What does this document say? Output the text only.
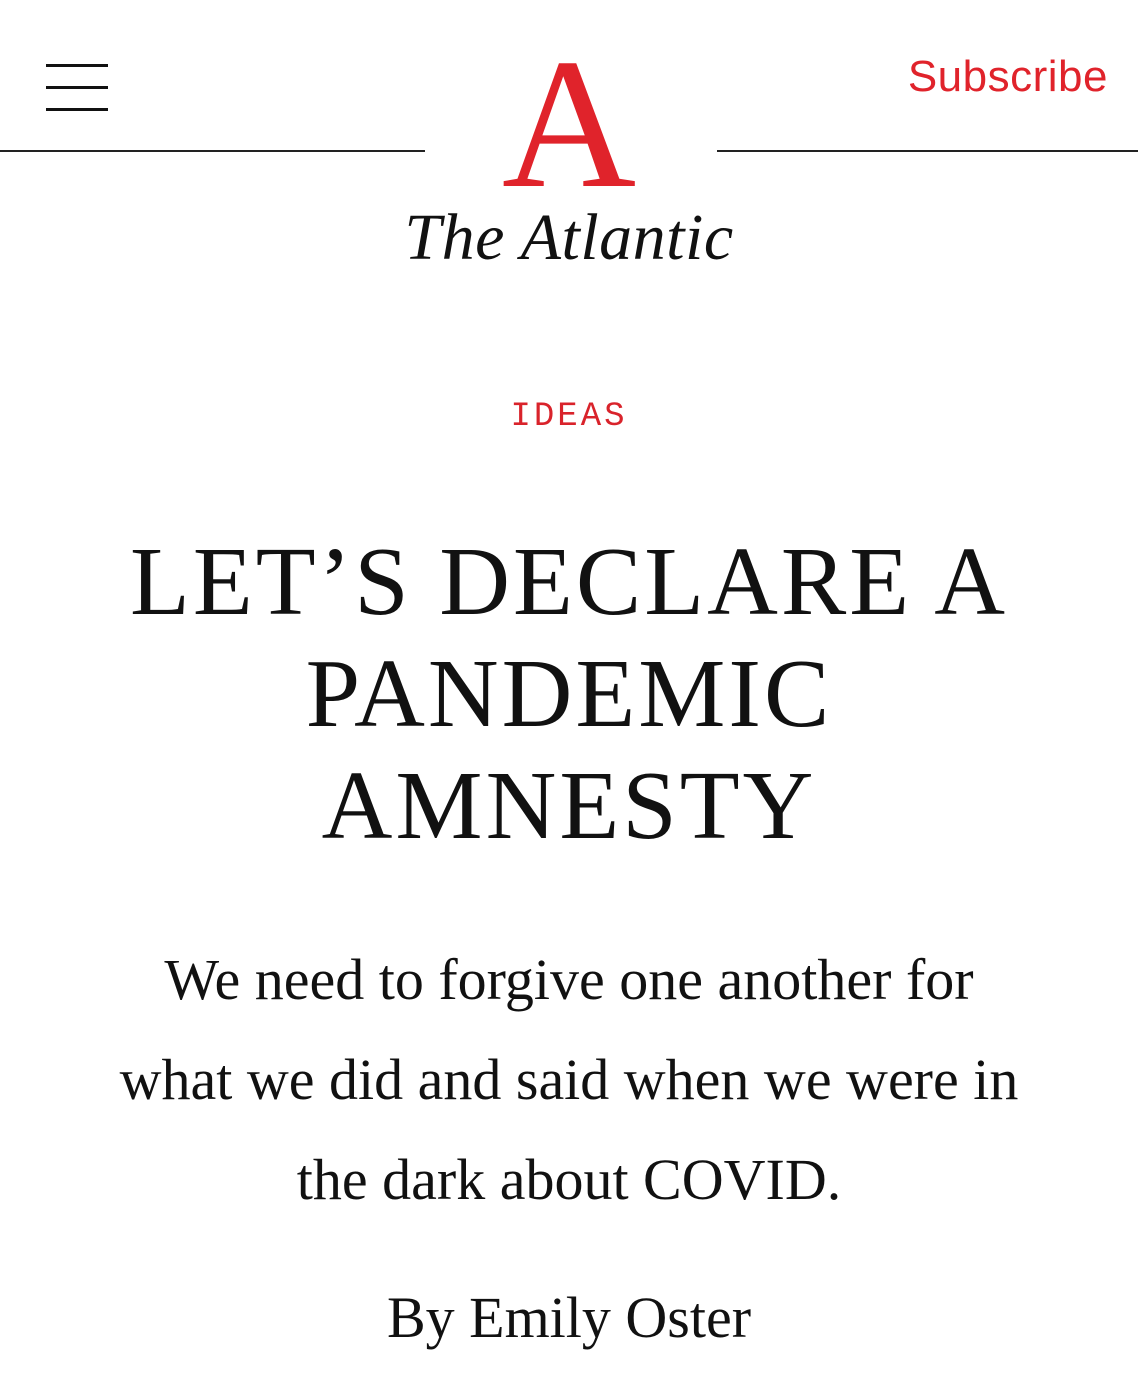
A
The Atlantic
Subscribe
IDEAS
LET’S DECLARE A
PANDEMIC
AMNESTY

We need to forgive one another for
what we did and said when we were in
the dark about COVID.

By Emily Oster
